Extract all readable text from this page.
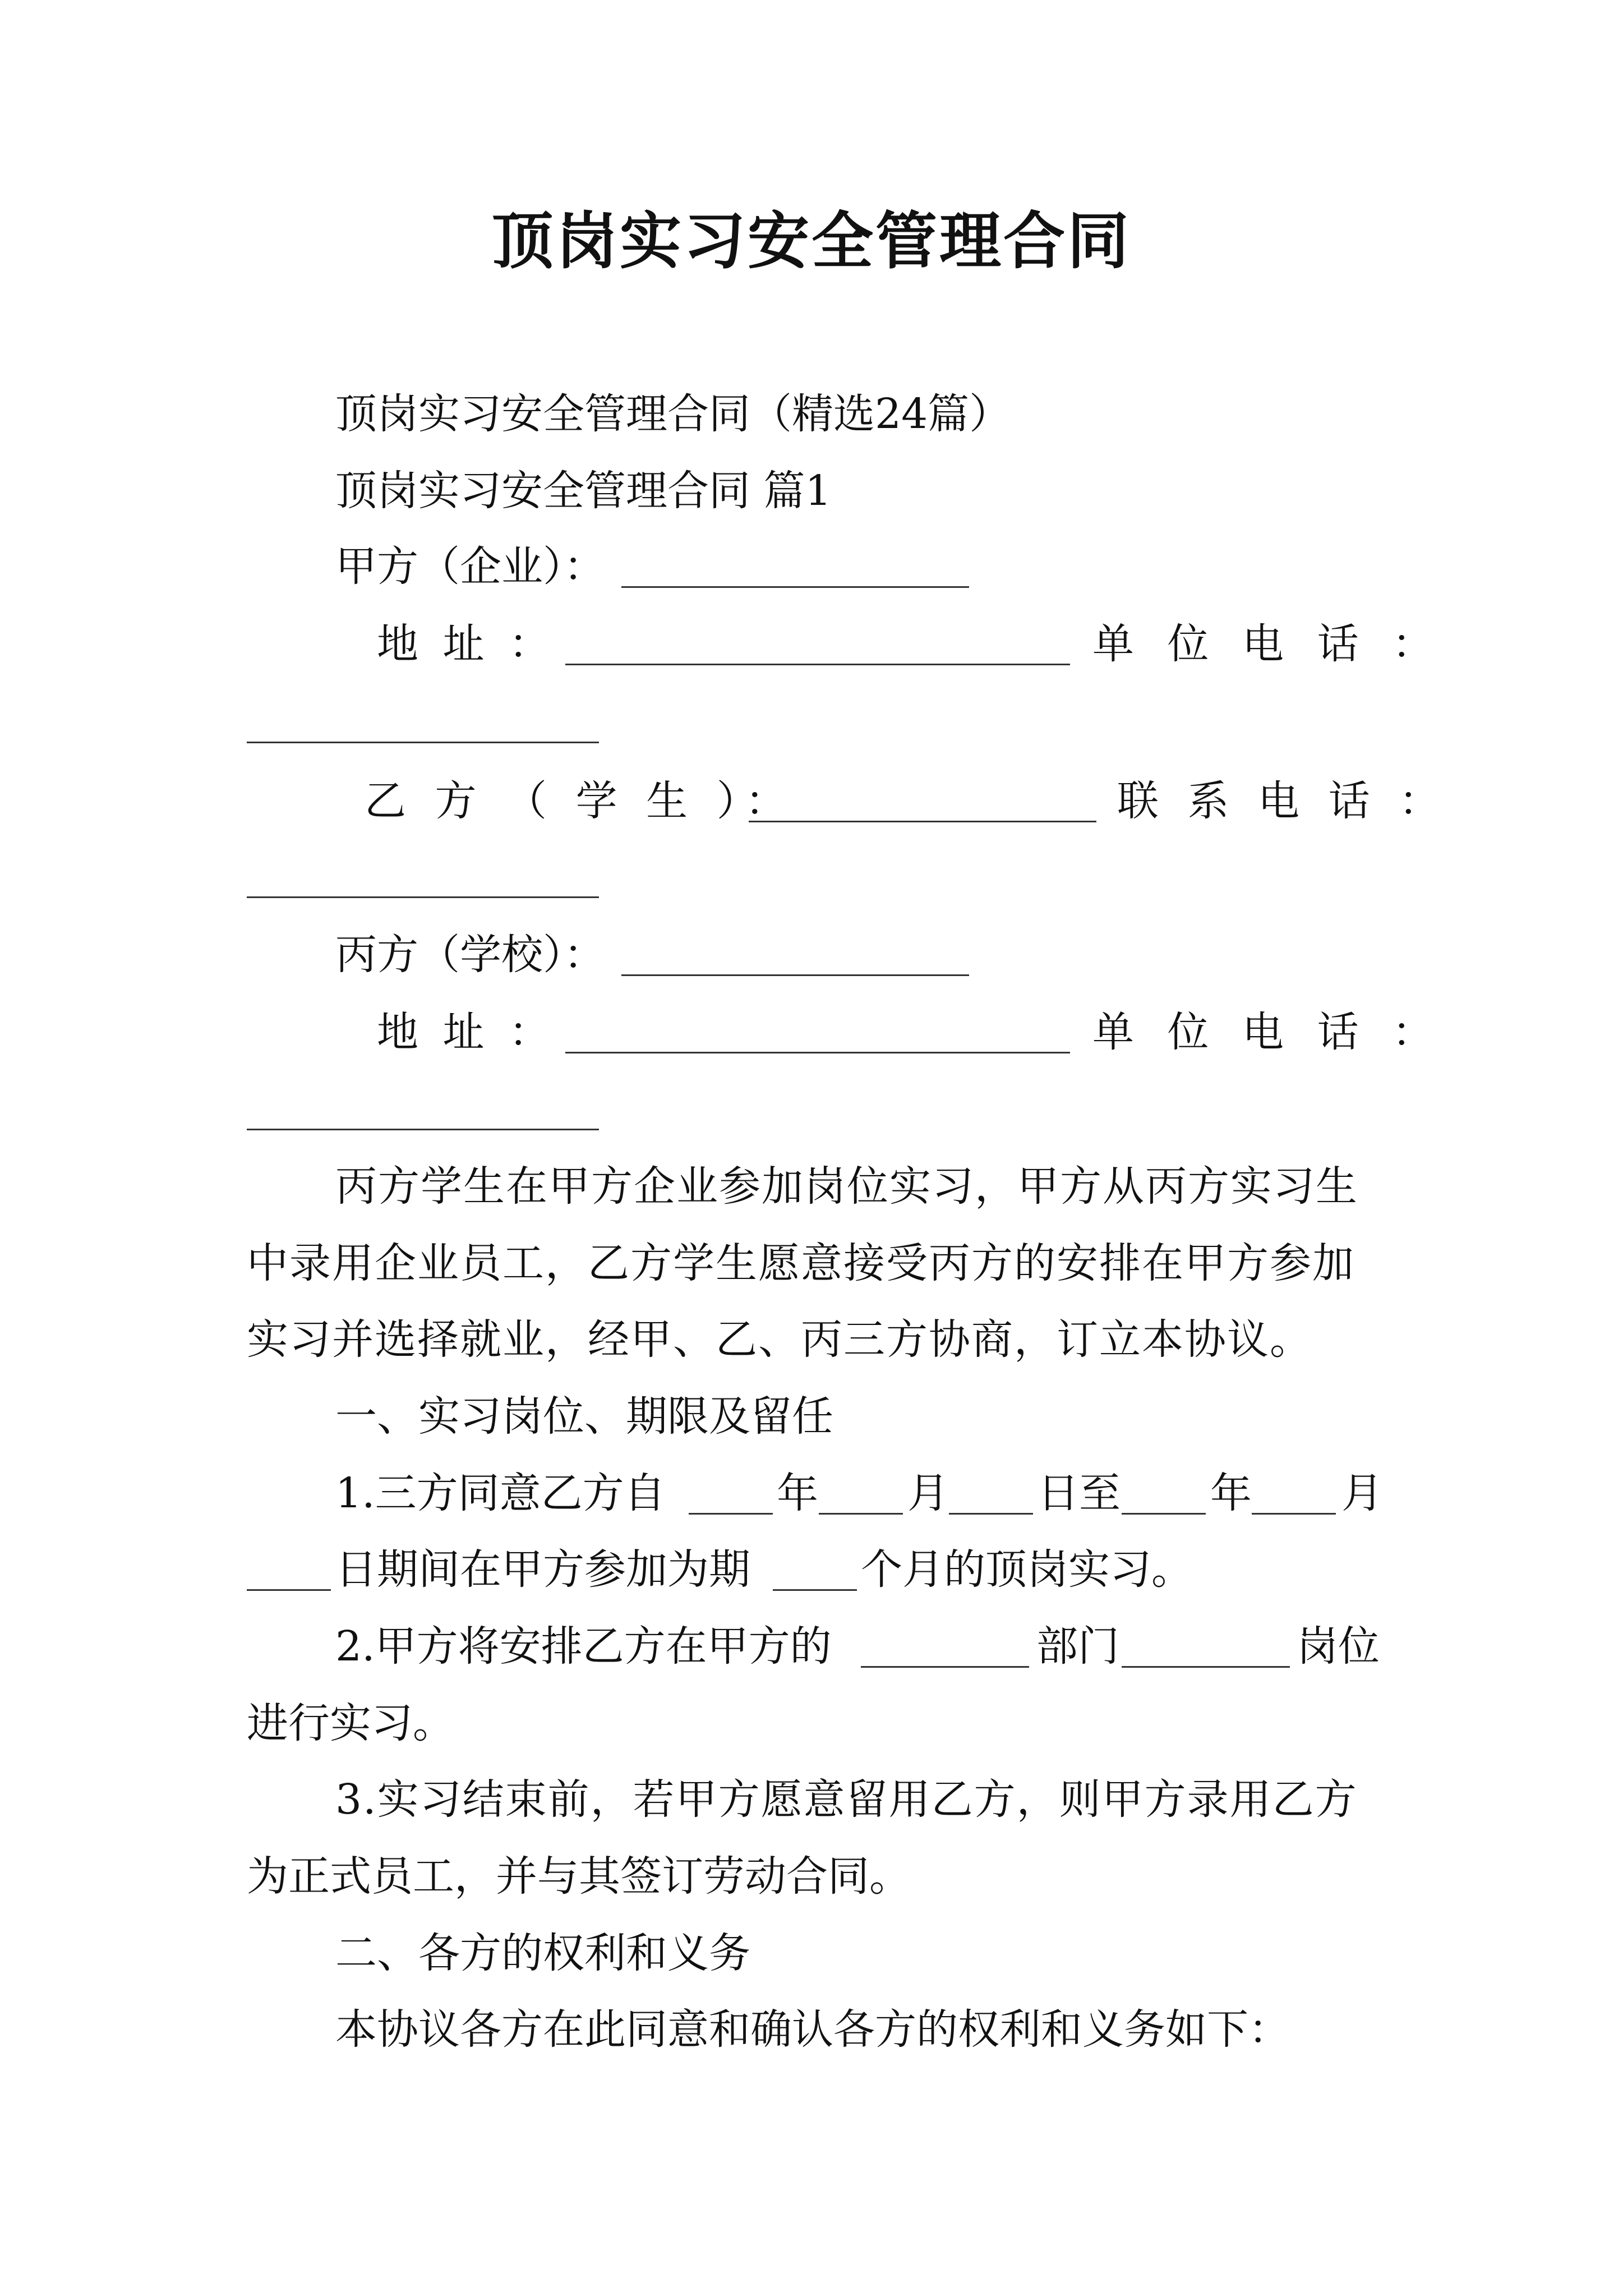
顶岗实习安全管理合同
顶岗实习安全管理合同（精选24篇）
顶岗实习安全管理合同 篇1
甲方（企业）：
地 址 ：	单 位 电 话 ：
乙 方 （ 学 生 ）：	联 系 电 话 ：
丙方（学校）：
地 址 ：	单 位 电 话 ：
丙方学生在甲方企业参加岗位实习，甲方从丙方实习生
中录用企业员工，乙方学生愿意接受丙方的安排在甲方参加
实习并选择就业，经甲、乙、丙三方协商，订立本协议。
一、实习岗位、期限及留任
1.三方同意乙方自	年 月 日至 年 月
日期间在甲方参加为期	个月的顶岗实习。
2.甲方将安排乙方在甲方的	部门	岗位
进行实习。
3.实习结束前，若甲方愿意留用乙方，则甲方录用乙方
为正式员工，并与其签订劳动合同。
二、各方的权利和义务
本协议各方在此同意和确认各方的权利和义务如下：
